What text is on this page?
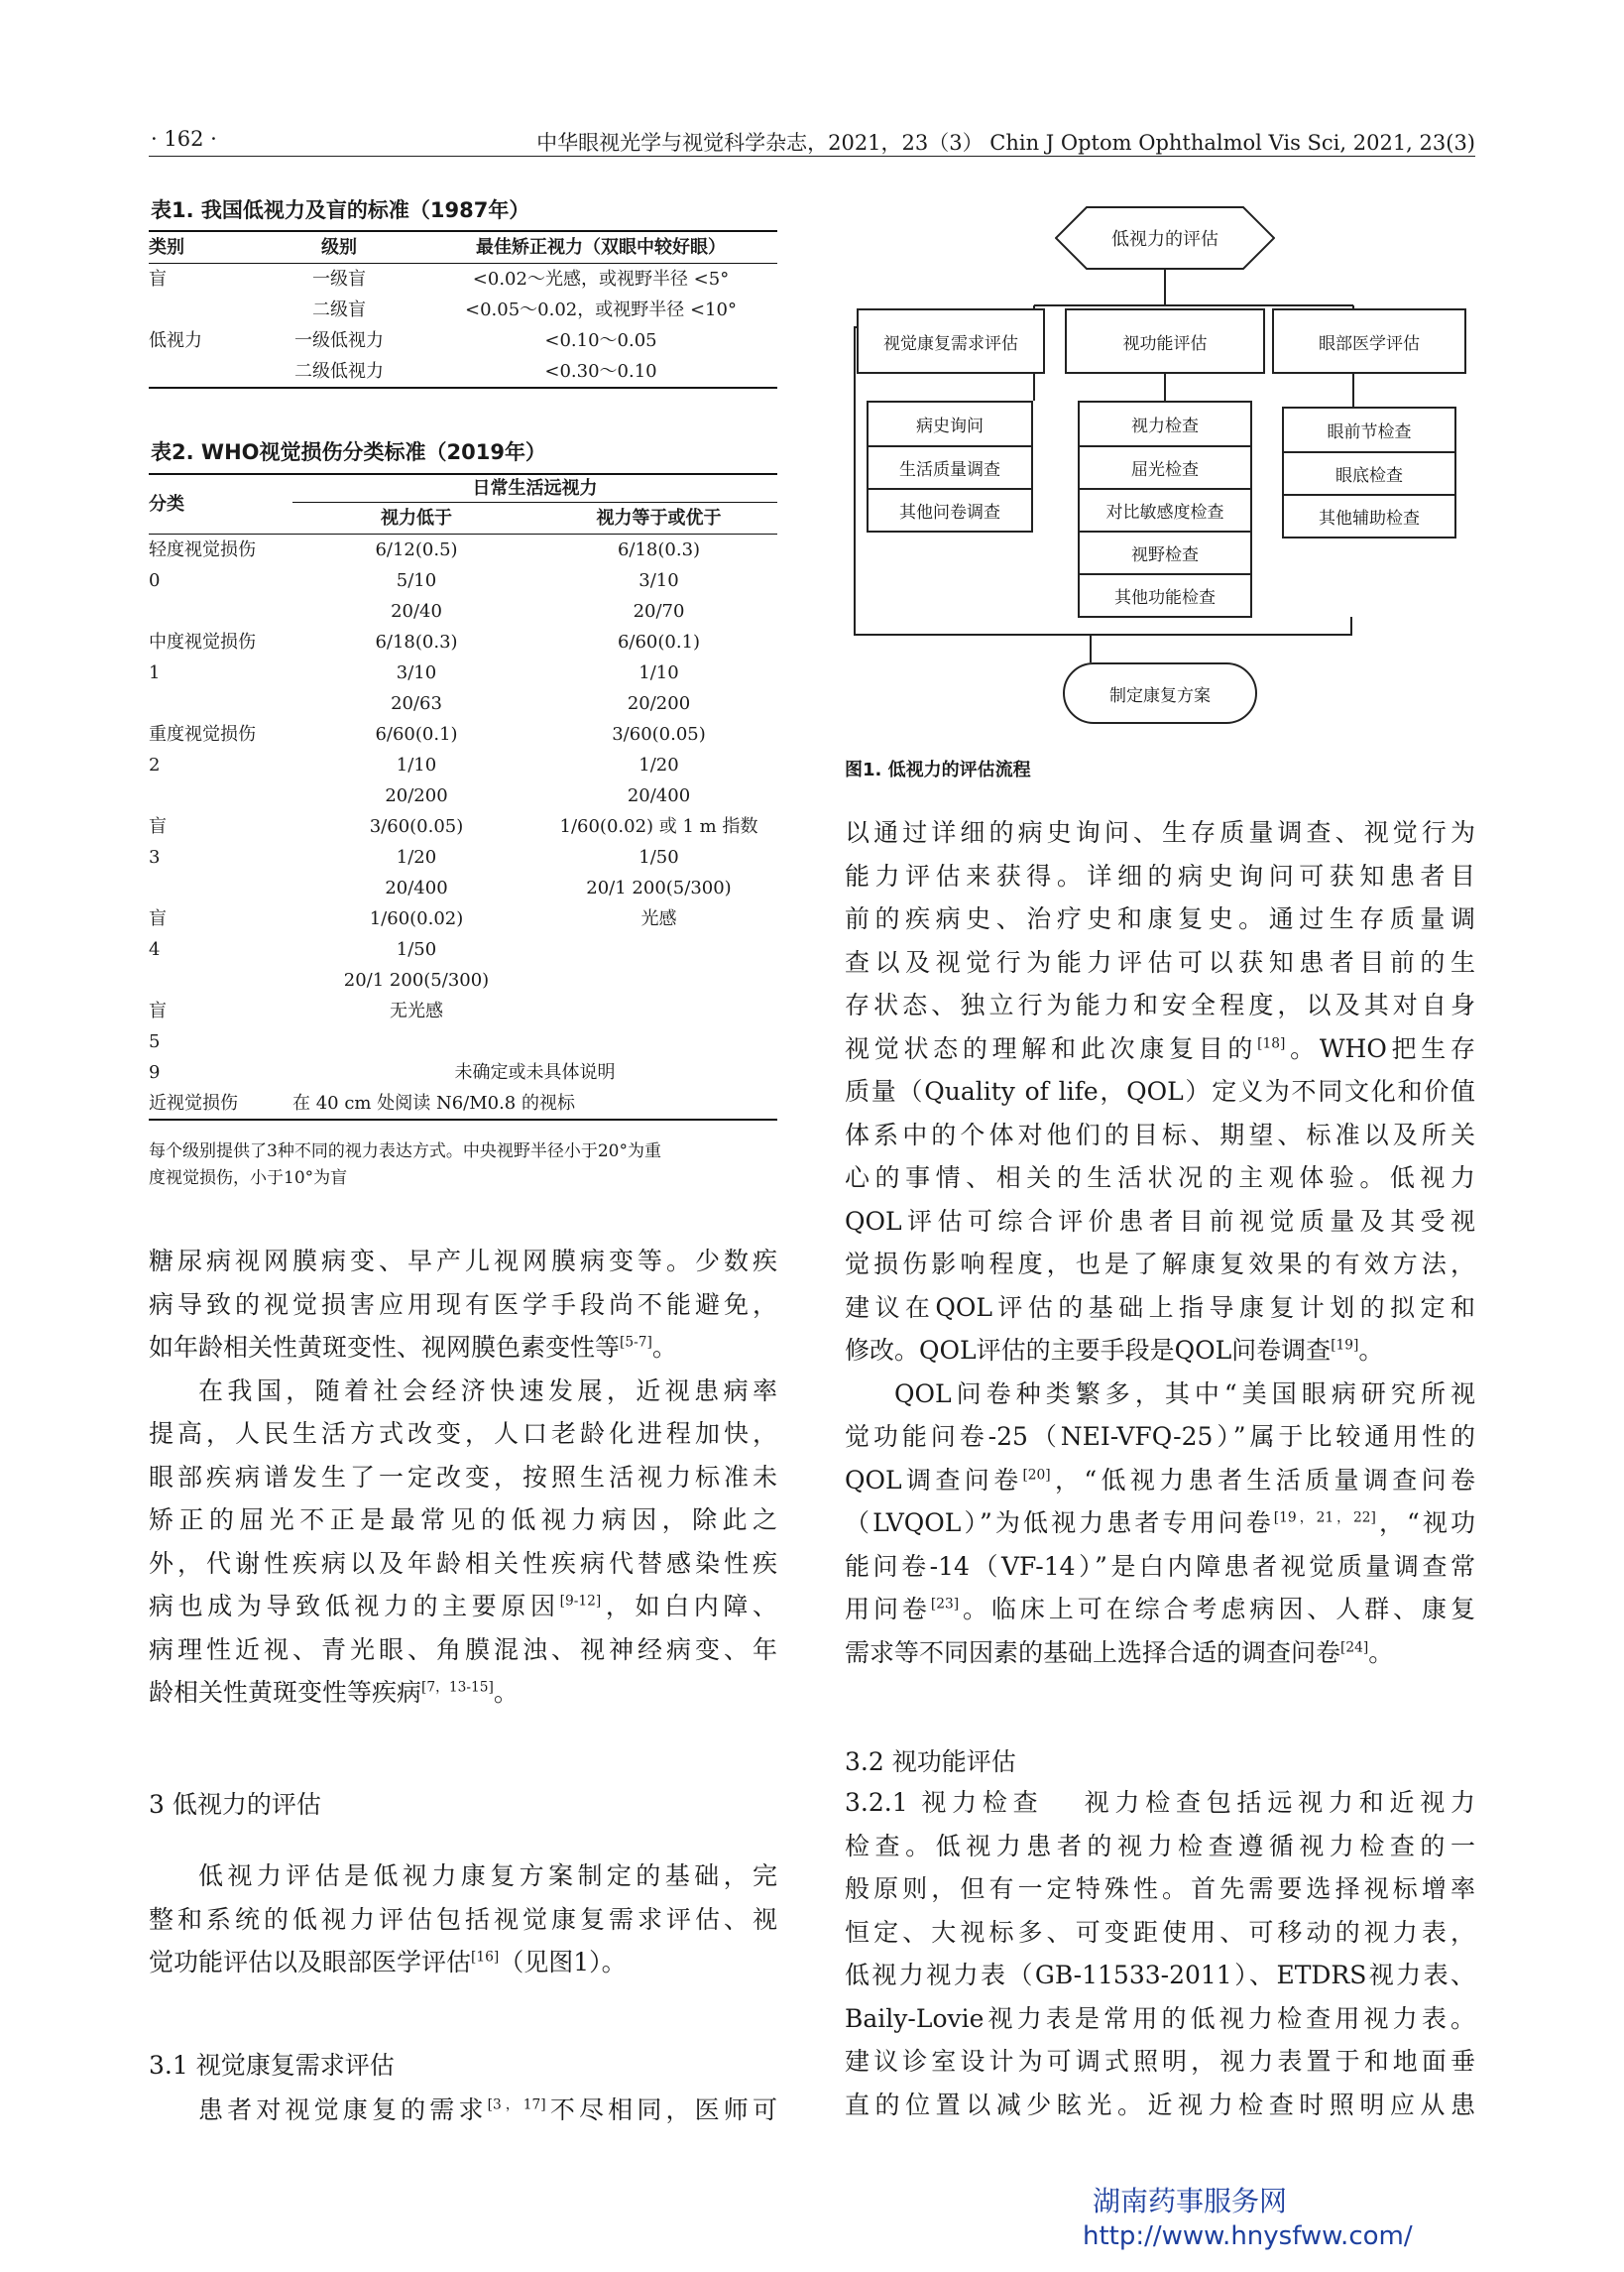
· 162 ·	中华眼视光学与视觉科学杂志，2021，23（3） Chin J Optom Ophthalmol Vis Sci, 2021, 23(3)
表1. 我国低视力及盲的标准（1987年）
类别	级别	最佳矫正视力（双眼中较好眼）
盲	一级盲	<0.02～光感，或视野半径 <5°
	二级盲	<0.05～0.02，或视野半径 <10°
低视力	一级低视力	<0.10～0.05
	二级低视力	<0.30～0.10
表2. WHO视觉损伤分类标准（2019年）
分类	日常生活远视力	
	视力低于	视力等于或优于
轻度视觉损伤	6/12(0.5)	6/18(0.3)
0	5/10	3/10
	20/40	20/70
中度视觉损伤	6/18(0.3)	6/60(0.1)
1	3/10	1/10
	20/63	20/200
重度视觉损伤	6/60(0.1)	3/60(0.05)
2	1/10	1/20
	20/200	20/400
盲	3/60(0.05)	1/60(0.02) 或 1 m 指数
3	1/20	1/50
	20/400	20/1 200(5/300)
盲	1/60(0.02)	光感
4	1/50	
	20/1 200(5/300)	
盲	无光感	
5		
9	未确定或未具体说明	
近视觉损伤	在 40 cm 处阅读 N6/M0.8 的视标	
每个级别提供了3种不同的视力表达方式。中央视野半径小于20°为重
度视觉损伤，小于10°为盲
低视力的评估
视觉康复需求评估	视功能评估	眼部医学评估
病史询问
生活质量调查
其他问卷调查
视力检查
屈光检查
对比敏感度检查
视野检查
其他功能检查
眼前节检查
眼底检查
其他辅助检查
制定康复方案
图1. 低视力的评估流程
糖尿病视网膜病变、早产儿视网膜病变等。少数疾
病导致的视觉损害应用现有医学手段尚不能避免，
如年龄相关性黄斑变性、视网膜色素变性等[5-7]。
在我国，随着社会经济快速发展，近视患病率
提高，人民生活方式改变，人口老龄化进程加快，
眼部疾病谱发生了一定改变，按照生活视力标准未
矫正的屈光不正是最常见的低视力病因，除此之
外，代谢性疾病以及年龄相关性疾病代替感染性疾
病也成为导致低视力的主要原因[9-12]，如白内障、
病理性近视、青光眼、角膜混浊、视神经病变、年
龄相关性黄斑变性等疾病[7，13-15]。
3 低视力的评估
低视力评估是低视力康复方案制定的基础，完
整和系统的低视力评估包括视觉康复需求评估、视
觉功能评估以及眼部医学评估[16]（见图1）。
3.1 视觉康复需求评估
患者对视觉康复的需求[3，17]不尽相同，医师可
以通过详细的病史询问、生存质量调查、视觉行为
能力评估来获得。详细的病史询问可获知患者目
前的疾病史、治疗史和康复史。通过生存质量调
查以及视觉行为能力评估可以获知患者目前的生
存状态、独立行为能力和安全程度，以及其对自身
视觉状态的理解和此次康复目的[18]。WHO把生存
质量（Quality of life，QOL）定义为不同文化和价值
体系中的个体对他们的目标、期望、标准以及所关
心的事情、相关的生活状况的主观体验。低视力
QOL评估可综合评价患者目前视觉质量及其受视
觉损伤影响程度，也是了解康复效果的有效方法，
建议在QOL评估的基础上指导康复计划的拟定和
修改。QOL评估的主要手段是QOL问卷调查[19]。
QOL问卷种类繁多，其中“美国眼病研究所视
觉功能问卷-25（NEI-VFQ-25）”属于比较通用性的
QOL调查问卷[20]，“低视力患者生活质量调查问卷
（LVQOL）”为低视力患者专用问卷[19，21，22]，“视功
能问卷-14（VF-14）”是白内障患者视觉质量调查常
用问卷[23]。临床上可在综合考虑病因、人群、康复
需求等不同因素的基础上选择合适的调查问卷[24]。
3.2 视功能评估
3.2.1 视力检查 视力检查包括远视力和近视力
检查。低视力患者的视力检查遵循视力检查的一
般原则，但有一定特殊性。首先需要选择视标增率
恒定、大视标多、可变距使用、可移动的视力表，
低视力视力表（GB-11533-2011）、ETDRS视力表、
Baily-Lovie视力表是常用的低视力检查用视力表。
建议诊室设计为可调式照明，视力表置于和地面垂
直的位置以减少眩光。近视力检查时照明应从患
湖南药事服务网
http://www.hnysfww.com/
